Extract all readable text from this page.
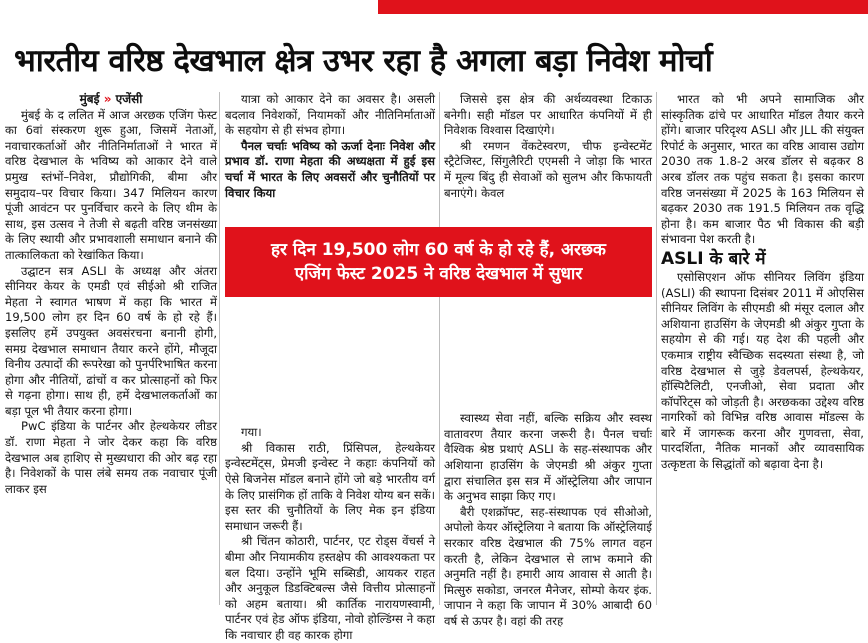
भारतीय वरिष्ठ देखभाल क्षेत्र उभर रहा है अगला बड़ा निवेश मोर्चा

मुंबई » एजेंसी

मुंबई के द ललित में आज अरछक एजिंग फेस्ट का 6वां संस्करण शुरू हुआ, जिसमें नेताओं, नवाचारकर्ताओं और नीतिनिर्माताओं ने भारत में वरिष्ठ देखभाल के भविष्य को आकार देने वाले प्रमुख स्तंभों–निवेश, प्रौद्योगिकी, बीमा और समुदाय–पर विचार किया। 347 मिलियन कारण पूंजी आवंटन पर पुनर्विचार करने के लिए थीम के साथ, इस उत्सव ने तेजी से बढ़ती वरिष्ठ जनसंख्या के लिए स्थायी और प्रभावशाली समाधान बनाने की तात्कालिकता को रेखांकित किया।

उद्घाटन सत्र ASLI के अध्यक्ष और अंतरा सीनियर केयर के एमडी एवं सीईओ श्री राजित मेहता ने स्वागत भाषण में कहा कि भारत में 19,500 लोग हर दिन 60 वर्ष के हो रहे हैं। इसलिए हमें उपयुक्त अवसंरचना बनानी होगी, समग्र देखभाल समाधान तैयार करने होंगे, मौजूदा विनीय उत्पादों की रूपरेखा को पुनर्परिभाषित करना होगा और नीतियों, ढांचों व कर प्रोत्साहनों को फिर से गढ़ना होगा। साथ ही, हमें देखभालकर्ताओं का बड़ा पूल भी तैयार करना होगा।

PwC इंडिया के पार्टनर और हेल्थकेयर लीडर डॉ. राणा मेहता ने जोर देकर कहा कि वरिष्ठ देखभाल अब हाशिए से मुख्यधारा की ओर बढ़ रहा है। निवेशकों के पास लंबे समय तक नवाचार पूंजी लाकर इस

यात्रा को आकार देने का अवसर है। असली बदलाव निवेशकों, नियामकों और नीतिनिर्माताओं के सहयोग से ही संभव होगा।

पैनल चर्चाः भविष्य को ऊर्जा देनाः निवेश और प्रभाव डॉ. राणा मेहता की अध्यक्षता में हुई इस चर्चा में भारत के लिए अवसरों और चुनौतियों पर विचार किया

गया।

श्री विकास राठी, प्रिंसिपल, हेल्थकेयर इन्वेस्टमेंट्स, प्रेमजी इन्वेस्ट ने कहाः कंपनियों को ऐसे बिजनेस मॉडल बनाने होंगे जो बड़े भारतीय वर्ग के लिए प्रासंगिक हों ताकि वे निवेश योग्य बन सकें। इस स्तर की चुनौतियों के लिए मेक इन इंडिया समाधान जरूरी हैं।

श्री चिंतन कोठारी, पार्टनर, एट रोड्स वेंचर्स ने बीमा और नियामकीय हस्तक्षेप की आवश्यकता पर बल दिया। उन्होंने भूमि सब्सिडी, आयकर राहत और अनुकूल डिडक्टिबल्स जैसे वित्तीय प्रोत्साहनों को अहम बताया। श्री कार्तिक नारायणस्वामी, पार्टनर एवं हेड ऑफ इंडिया, नोवो होल्डिंग्स ने कहा कि नवाचार ही वह कारक होगा

जिससे इस क्षेत्र की अर्थव्यवस्था टिकाऊ बनेगी। सही मॉडल पर आधारित कंपनियों में ही निवेशक विश्वास दिखाएंगे।

श्री रमणन वेंकटेस्वरण, चीफ इन्वेस्टमेंट स्ट्रैटेजिस्ट, सिंगुलैरिटी एएमसी ने जोड़ा कि भारत में मूल्य बिंदु ही सेवाओं को सुलभ और किफायती बनाएंगे। केवल

स्वास्थ्य सेवा नहीं, बल्कि सक्रिय और स्वस्थ वातावरण तैयार करना जरूरी है। पैनल चर्चाः वैश्विक श्रेष्ठ प्रथाएं ASLI के सह-संस्थापक और अशियाना हाउसिंग के जेएमडी श्री अंकुर गुप्ता द्वारा संचालित इस सत्र में ऑस्ट्रेलिया और जापान के अनुभव साझा किए गए।

बैरी एशक्रॉफ्ट, सह-संस्थापक एवं सीओओ, अपोलो केयर ऑस्ट्रेलिया ने बताया कि ऑस्ट्रेलियाई सरकार वरिष्ठ देखभाल की 75% लागत वहन करती है, लेकिन देखभाल से लाभ कमाने की अनुमति नहीं है। हमारी आय आवास से आती है। मित्सुरु सकोडा, जनरल मैनेजर, सोम्पो केयर इंक. जापान ने कहा कि जापान में 30% आबादी 60 वर्ष से ऊपर है। वहां की तरह

भारत को भी अपने सामाजिक और सांस्कृतिक ढांचे पर आधारित मॉडल तैयार करने होंगे। बाजार परिदृश्य ASLI और JLL की संयुक्त रिपोर्ट के अनुसार, भारत का वरिष्ठ आवास उद्योग 2030 तक 1.8-2 अरब डॉलर से बढ़कर 8 अरब डॉलर तक पहुंच सकता है। इसका कारण वरिष्ठ जनसंख्या में 2025 के 163 मिलियन से बढ़कर 2030 तक 191.5 मिलियन तक वृद्धि होना है। कम बाजार पैठ भी विकास की बड़ी संभावना पेश करती है।

ASLI के बारे में

एसोसिएशन ऑफ सीनियर लिविंग इंडिया (ASLI) की स्थापना दिसंबर 2011 में ओएसिस सीनियर लिविंग के सीएमडी श्री मंसूर दलाल और अशियाना हाउसिंग के जेएमडी श्री अंकुर गुप्ता के सहयोग से की गई। यह देश की पहली और एकमात्र राष्ट्रीय स्वैच्छिक सदस्यता संस्था है, जो वरिष्ठ देखभाल से जुड़े डेवलपर्स, हेल्थकेयर, हॉस्पिटैलिटी, एनजीओ, सेवा प्रदाता और कॉर्पोरेट्स को जोड़ती है। अरछकका उद्देश्य वरिष्ठ नागरिकों को विभिन्न वरिष्ठ आवास मॉडल्स के बारे में जागरूक करना और गुणवत्ता, सेवा, पारदर्शिता, नैतिक मानकों और व्यावसायिक उत्कृष्टता के सिद्धांतों को बढ़ावा देना है।

हर दिन 19,500 लोग 60 वर्ष के हो रहे हैं, अरछक
एजिंग फेस्ट 2025 ने वरिष्ठ देखभाल में सुधार
